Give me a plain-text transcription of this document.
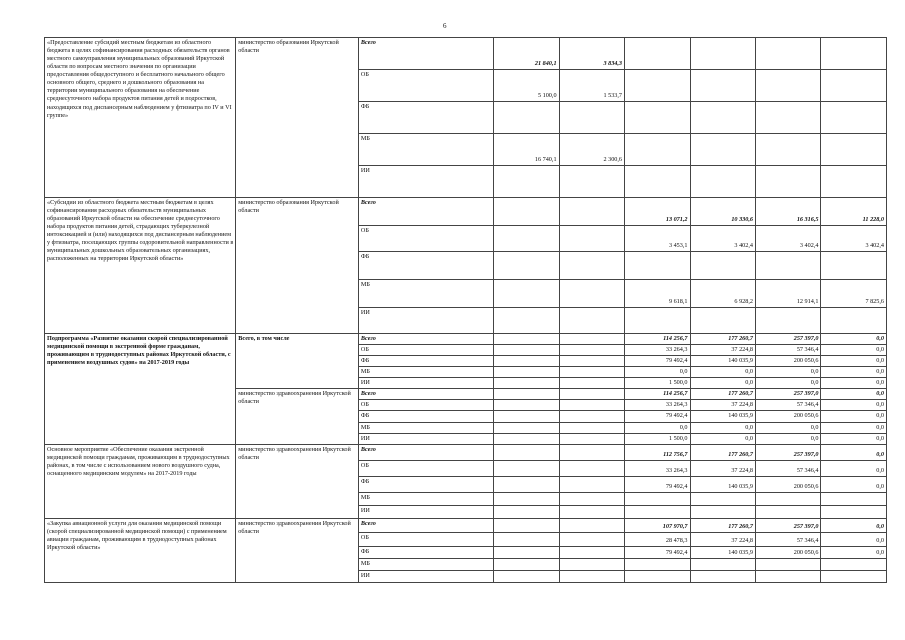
6
«Предоставление субсидий местным бюджетам из областного бюджета в целях софинансирования расходных обязательств органов местного самоуправления муниципальных образований Иркутской области по вопросам местного значения по организации предоставления общедоступного и бесплатного начального общего основного общего, среднего и дошкольного образования на территории муниципального образования на обеспечение среднесуточного набора продуктов питания детей и подростков, находящихся под диспансерным наблюдением у фтизиатра по IV и VI группе»	министерство образования Иркутской области	Всего	21 840,1	3 834,3				

		ОБ	5 100,0	1 533,7				

		ФБ	

		МБ	16 740,1	2 300,6				

		ИИ	

«Субсидии из областного бюджета местным бюджетам в целях софинансирования расходных обязательств муниципальных образований Иркутской области на обеспечение среднесуточного набора продуктов питания детей, страдающих туберкулезной интоксикацией и (или) находящихся под диспансерным наблюдением у фтизиатра, посещающих группы оздоровительной направленности в муниципальных дошкольных образовательных организациях, расположенных на территории Иркутской области»	министерство образования Иркутской области	Всего			13 071,2	10 330,6	16 316,5	11 228,0

		ОБ			3 453,1	3 402,4	3 402,4	3 402,4

		ФБ	

		МБ			9 618,1	6 928,2	12 914,1	7 825,6

		ИИ	

Подпрограмма «Развитие оказания скорой специализированной медицинской помощи в экстренной форме гражданам, проживающим в труднодоступных районах Иркутской области, с применением воздушных судов» на 2017-2019 годы	Всего, в том числе	Всего			114 256,7	177 260,7	257 397,0	0,0

		ОБ			33 264,3	37 224,8	57 346,4	0,0

		ФБ			79 492,4	140 035,9	200 050,6	0,0

		МБ			0,0	0,0	0,0	0,0

		ИИ			1 500,0	0,0	0,0	0,0

	министерство здравоохранения Иркутской области	Всего			114 256,7	177 260,7	257 397,0	0,0

		ОБ			33 264,3	37 224,8	57 346,4	0,0

		ФБ			79 492,4	140 035,9	200 050,6	0,0

		МБ			0,0	0,0	0,0	0,0

		ИИ			1 500,0	0,0	0,0	0,0

Основное мероприятие «Обеспечение оказания экстренной медицинской помощи гражданам, проживающим в труднодоступных районах, в том числе с использованием нового воздушного судна, оснащенного медицинским модулем» на 2017-2019 годы	министерство здравоохранения Иркутской области	Всего			112 756,7	177 260,7	257 397,0	0,0

		ОБ			33 264,3	37 224,8	57 346,4	0,0

		ФБ			79 492,4	140 035,9	200 050,6	0,0

		МБ	

		ИИ	

«Закупка авиационной услуги для оказания медицинской помощи (скорой специализированной медицинской помощи) с применением авиации гражданам, проживающим в труднодоступных районах Иркутской области»	министерство здравоохранения Иркутской области	Всего			107 970,7	177 260,7	257 397,0	0,0

		ОБ			28 478,3	37 224,8	57 346,4	0,0

		ФБ			79 492,4	140 035,9	200 050,6	0,0

		МБ	

		ИИ	
